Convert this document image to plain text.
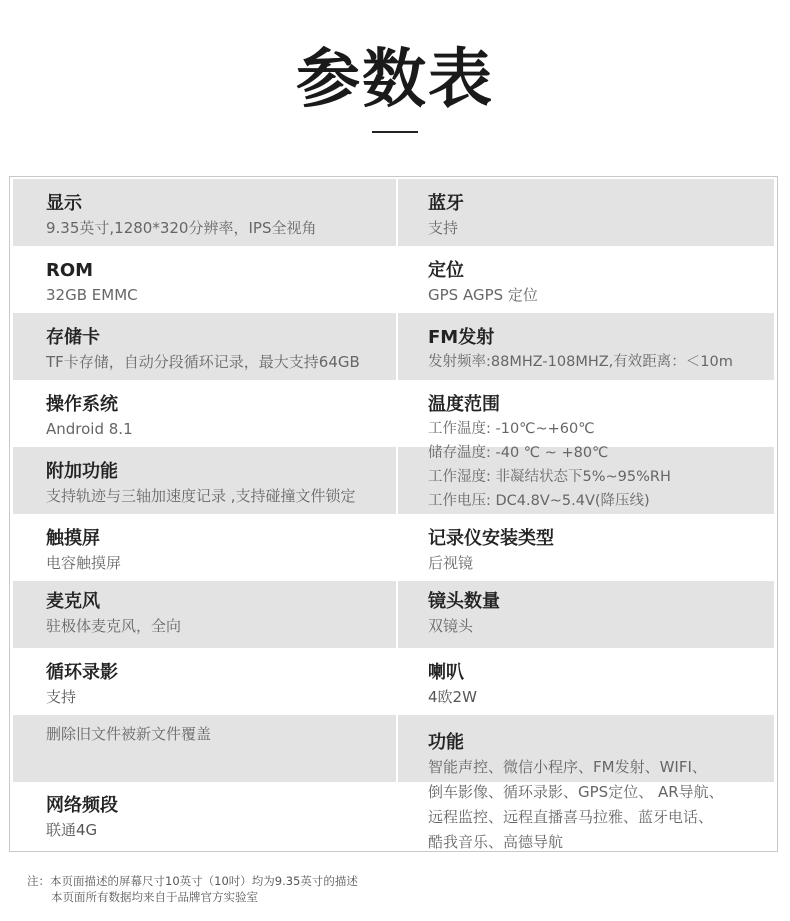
参数表
显示
9.35英寸,1280*320分辨率，IPS全视角
ROM
32GB EMMC
存储卡
TF卡存储，自动分段循环记录，最大支持64GB
操作系统
Android 8.1
附加功能
支持轨迹与三轴加速度记录 ,支持碰撞文件锁定
触摸屏
电容触摸屏
麦克风
驻极体麦克风，全向
循环录影
支持
删除旧文件被新文件覆盖
网络频段
联通4G
蓝牙
支持
定位
GPS AGPS 定位
FM发射
发射频率:88MHZ-108MHZ,有效距离：＜10m
温度范围
工作温度: -10℃~+60℃
储存温度: -40 ℃ ~ +80℃
工作湿度: 非凝结状态下5%~95%RH
工作电压: DC4.8V~5.4V(降压线)
记录仪安装类型
后视镜
镜头数量
双镜头
喇叭
4欧2W
功能
智能声控、微信小程序、FM发射、WIFI、
倒车影像、循环录影、GPS定位、 AR导航、
远程监控、远程直播喜马拉雅、蓝牙电话、
酷我音乐、高德导航
注：本页面描述的屏幕尺寸10英寸（10吋）均为9.35英寸的描述
本页面所有数据均来自于品牌官方实验室
